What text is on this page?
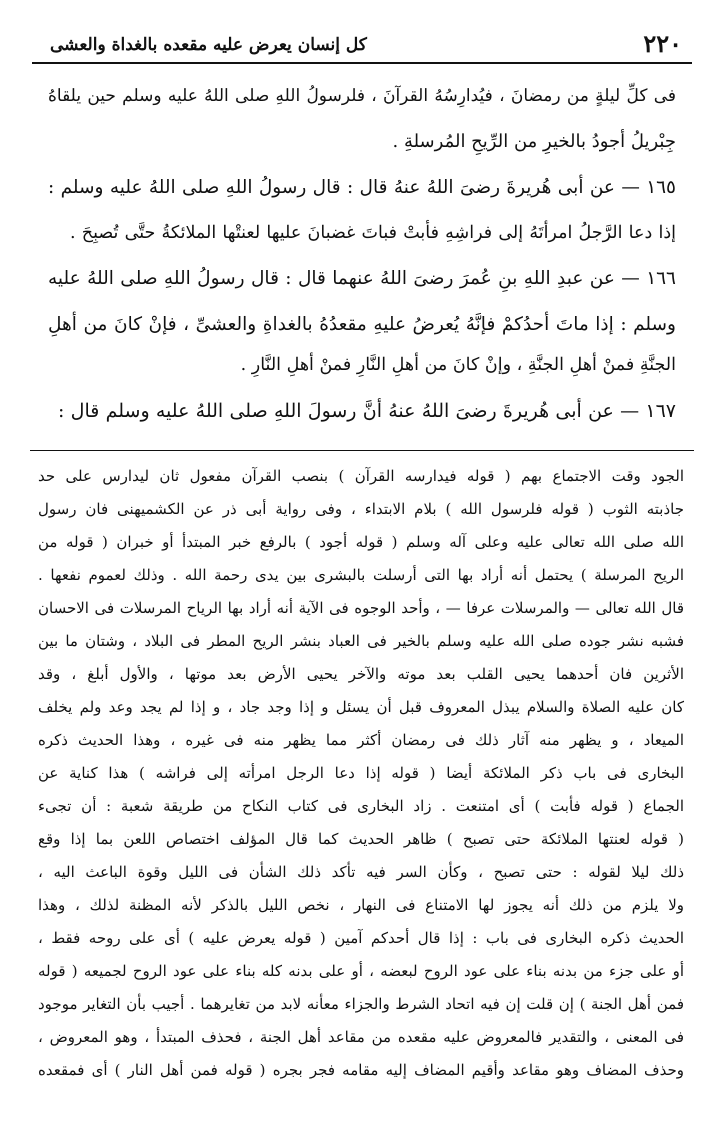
كل إنسان يعرض عليه مقعده بالغداة والعشى	٢٢٠
فى كلِّ ليلةٍ من رمضانَ ، فيُدارِسُهُ القرآنَ ، فلرسولُ اللهِ صلى اللهُ عليه وسلم حين يلقاهُ
جِبْريلُ أجودُ بالخيرِ من الرِّيحِ المُرسلةِ .
١٦٥ — عن أبى هُريرةَ رضىَ اللهُ عنهُ قال : قال رسولُ اللهِ صلى اللهُ عليه وسلم :
إذا دعا الرَّجلُ امرأتَهُ إلى فراشِهِ فأبتْ فباتَ غضبانَ عليها لعنتْها الملائكةُ حتَّى تُصبِحَ .
١٦٦ — عن عبدِ اللهِ بنِ عُمرَ رضىَ اللهُ عنهما قال : قال رسولُ اللهِ صلى اللهُ عليه
وسلم : إذا ماتَ أحدُكمْ فإنَّهُ يُعرضُ عليهِ مقعدُهُ بالغداةِ والعشىِّ ، فإنْ كانَ من أهلِ
الجنَّةِ فمنْ أهلِ الجنَّةِ ، وإنْ كانَ من أهلِ النَّارِ فمنْ أهلِ النَّارِ .
١٦٧ — عن أبى هُريرةَ رضىَ اللهُ عنهُ أنَّ رسولَ اللهِ صلى اللهُ عليه وسلم قال :
الجود وقت الاجتماع بهم ( قوله فيدارسه القرآن ) بنصب القرآن مفعول ثان ليدارس على حد
جاذبته الثوب ( قوله فلرسول الله ) بلام الابتداء ، وفى رواية أبى ذر عن الكشميهنى فان رسول
الله صلى الله تعالى عليه وعلى آله وسلم ( قوله أجود ) بالرفع خبر المبتدأ أو خبران ( قوله من
الريح المرسلة ) يحتمل أنه أراد بها التى أرسلت بالبشرى بين يدى رحمة الله . وذلك لعموم نفعها .
قال الله تعالى — والمرسلات عرفا — ، وأحد الوجوه فى الآية أنه أراد بها الرياح المرسلات فى الاحسان
فشبه نشر جوده صلى الله عليه وسلم بالخير فى العباد بنشر الريح المطر فى البلاد ، وشتان ما بين
الأثرين فان أحدهما يحيى القلب بعد موته والآخر يحيى الأرض بعد موتها ، والأول أبلغ ، وقد
كان عليه الصلاة والسلام يبذل المعروف قبل أن يسئل و إذا وجد جاد ، و إذا لم يجد وعد ولم يخلف
الميعاد ، و يظهر منه آثار ذلك فى رمضان أكثر مما يظهر منه فى غيره ، وهذا الحديث ذكره
البخارى فى باب ذكر الملائكة أيضا ( قوله إذا دعا الرجل امرأته إلى فراشه ) هذا كناية عن
الجماع ( قوله فأبت ) أى امتنعت . زاد البخارى فى كتاب النكاح من طريقة شعبة : أن تجىء
( قوله لعنتها الملائكة حتى تصبح ) ظاهر الحديث كما قال المؤلف اختصاص اللعن بما إذا وقع
ذلك ليلا لقوله : حتى تصبح ، وكأن السر فيه تأكد ذلك الشأن فى الليل وقوة الباعث اليه ،
ولا يلزم من ذلك أنه يجوز لها الامتناع فى النهار ، نخص الليل بالذكر لأنه المظنة لذلك ، وهذا
الحديث ذكره البخارى فى باب : إذا قال أحدكم آمين ( قوله يعرض عليه ) أى على روحه فقط ،
أو على جزء من بدنه بناء على عود الروح لبعضه ، أو على بدنه كله بناء على عود الروح لجميعه ( قوله
فمن أهل الجنة ) إن قلت إن فيه اتحاد الشرط والجزاء معأنه لابد من تغايرهما . أجيب بأن التغاير موجود
فى المعنى ، والتقدير فالمعروض عليه مقعده من مقاعد أهل الجنة ، فحذف المبتدأ ، وهو المعروض ،
وحذف المضاف وهو مقاعد وأقيم المضاف إليه مقامه فجر بجره ( قوله فمن أهل النار ) أى فمقعده
